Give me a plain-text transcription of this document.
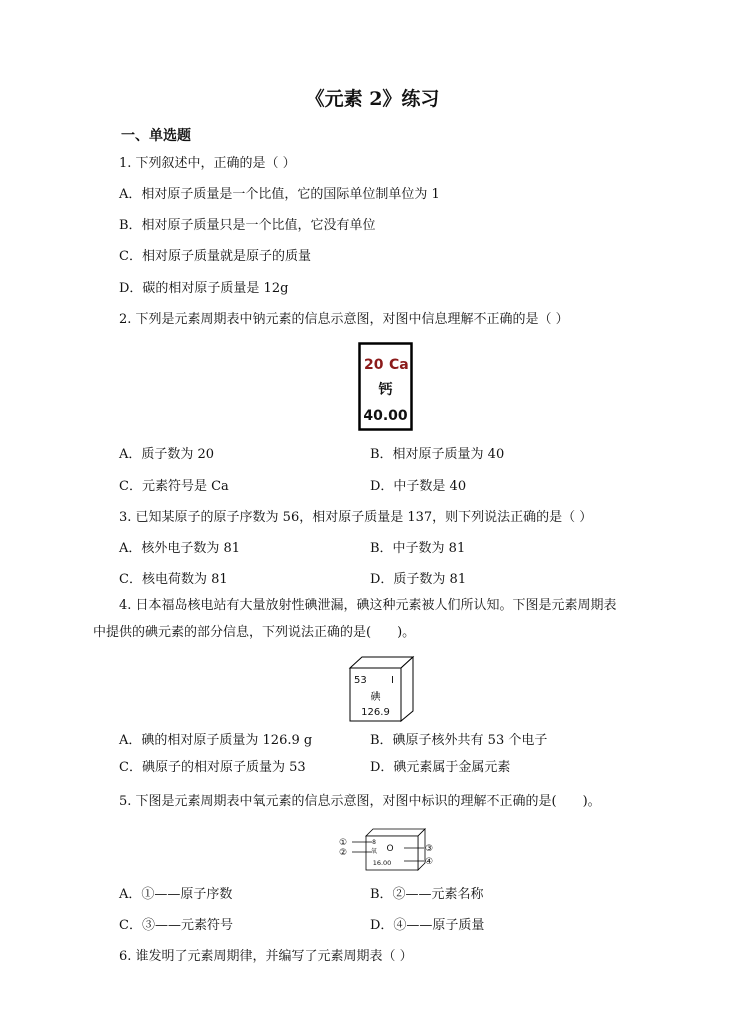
《元素 2》练习
一、单选题
1. 下列叙述中，正确的是（ ）
A．相对原子质量是一个比值，它的国际单位制单位为 1
B．相对原子质量只是一个比值，它没有单位
C．相对原子质量就是原子的质量
D．碳的相对原子质量是 12g
2. 下列是元素周期表中钠元素的信息示意图，对图中信息理解不正确的是（ ）
20 Ca
钙
40.00
A．质子数为 20	B．相对原子质量为 40
C．元素符号是 Ca	D．中子数是 40
3. 已知某原子的原子序数为 56，相对原子质量是 137，则下列说法正确的是（ ）
A．核外电子数为 81	B．中子数为 81
C．核电荷数为 81	D．质子数为 81
4. 日本福岛核电站有大量放射性碘泄漏，碘这种元素被人们所认知。下图是元素周期表
中提供的碘元素的部分信息，下列说法正确的是(　　)。
53 I
碘
126.9
A．碘的相对原子质量为 126.9 g	B．碘原子核外共有 53 个电子
C．碘原子的相对原子质量为 53	D．碘元素属于金属元素
5. 下图是元素周期表中氧元素的信息示意图，对图中标识的理解不正确的是(　　)。
①
②	③
④
8
氧 O
16.00
A．①——原子序数	B．②——元素名称
C．③——元素符号	D．④——原子质量
6. 谁发明了元素周期律，并编写了元素周期表（ ）
